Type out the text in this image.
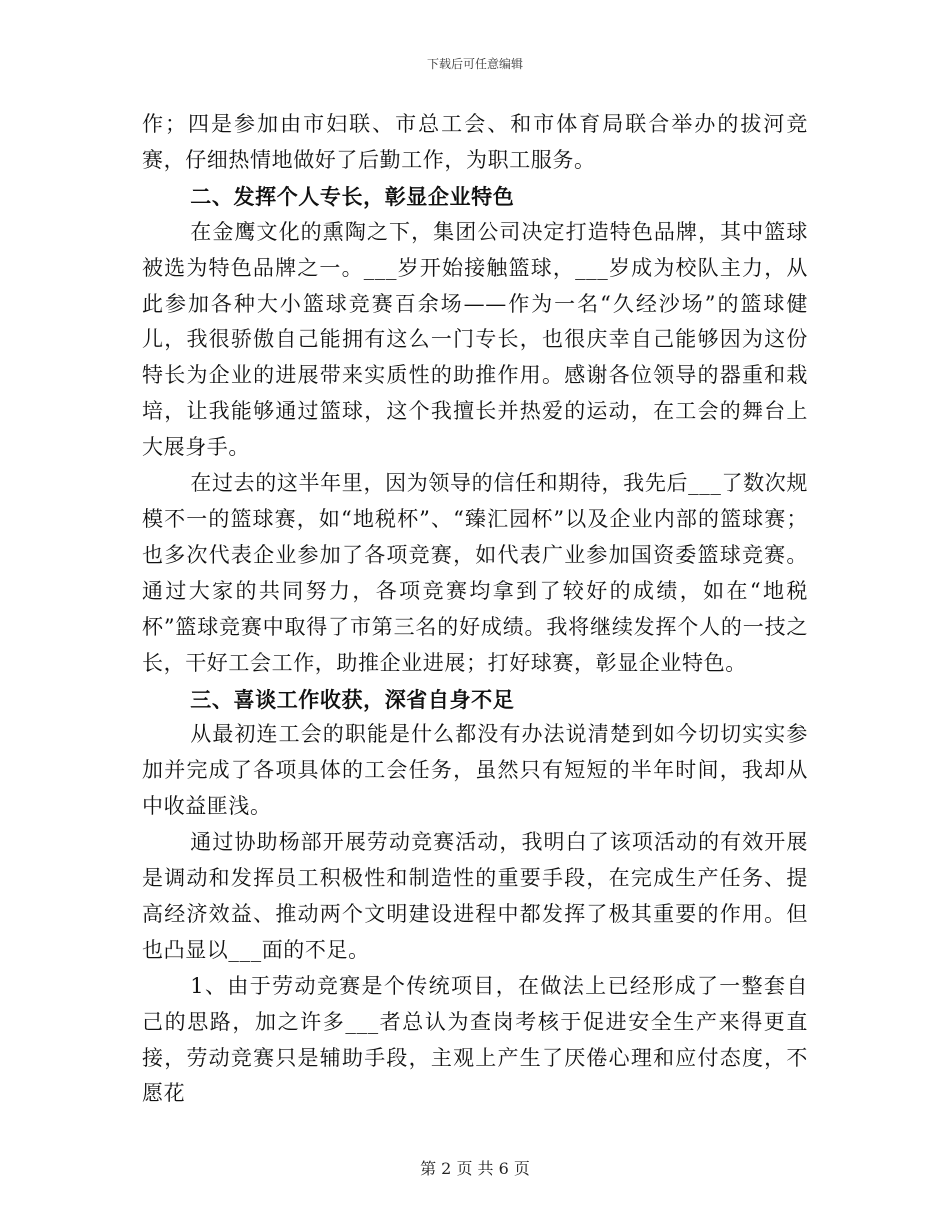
下载后可任意编辑

作；四是参加由市妇联、市总工会、和市体育局联合举办的拔河竞赛，仔细热情地做好了后勤工作，为职工服务。

二、发挥个人专长，彰显企业特色

在金鹰文化的熏陶之下，集团公司决定打造特色品牌，其中篮球被选为特色品牌之一。___岁开始接触篮球，___岁成为校队主力，从此参加各种大小篮球竞赛百余场——作为一名“久经沙场”的篮球健儿，我很骄傲自己能拥有这么一门专长，也很庆幸自己能够因为这份特长为企业的进展带来实质性的助推作用。感谢各位领导的器重和栽培，让我能够通过篮球，这个我擅长并热爱的运动，在工会的舞台上大展身手。

在过去的这半年里，因为领导的信任和期待，我先后___了数次规模不一的篮球赛，如“地税杯”、“臻汇园杯”以及企业内部的篮球赛；也多次代表企业参加了各项竞赛，如代表广业参加国资委篮球竞赛。通过大家的共同努力，各项竞赛均拿到了较好的成绩，如在“地税杯”篮球竞赛中取得了市第三名的好成绩。我将继续发挥个人的一技之长，干好工会工作，助推企业进展；打好球赛，彰显企业特色。

三、喜谈工作收获，深省自身不足

从最初连工会的职能是什么都没有办法说清楚到如今切切实实参加并完成了各项具体的工会任务，虽然只有短短的半年时间，我却从中收益匪浅。

通过协助杨部开展劳动竞赛活动，我明白了该项活动的有效开展是调动和发挥员工积极性和制造性的重要手段，在完成生产任务、提高经济效益、推动两个文明建设进程中都发挥了极其重要的作用。但也凸显以___面的不足。

1、由于劳动竞赛是个传统项目，在做法上已经形成了一整套自己的思路，加之许多___者总认为查岗考核于促进安全生产来得更直接，劳动竞赛只是辅助手段，主观上产生了厌倦心理和应付态度，不愿花

第 2 页 共 6 页
